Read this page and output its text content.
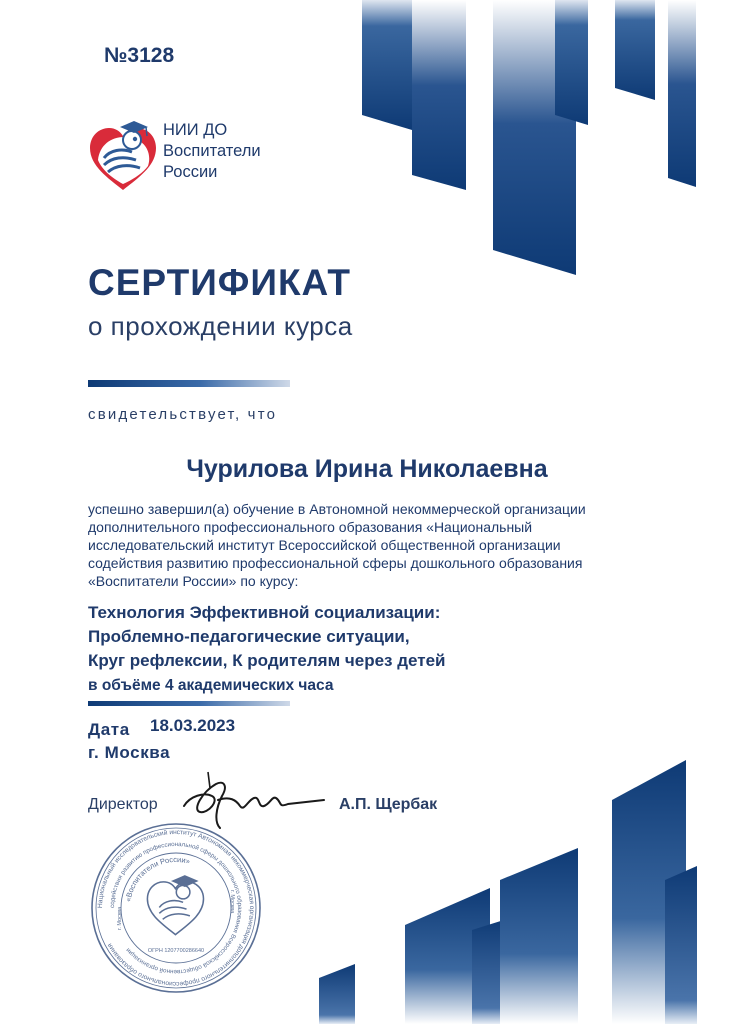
№3128
НИИ ДО
Воспитатели
России
СЕРТИФИКАТ
о прохождении курса
свидетельствует, что
Чурилова Ирина Николаевна
успешно завершил(а) обучение в Автономной некоммерческой организации
дополнительного профессионального образования «Национальный
исследовательский институт Всероссийской общественной организации
содействия развитию профессиональной сферы дошкольного образования
«Воспитатели России» по курсу:
Технология Эффективной социализации:
Проблемно-педагогические ситуации,
Круг рефлексии, К родителям через детей
в объёме 4 академических часа
Дата 18.03.2023
г. Москва
Директор	А.П. Щербак
Национальный исследовательский институт Автономная некоммерческая организация дополнительного профессионального образования
содействия развитию профессиональной сферы дошкольного образования Всероссийской общественной организации
«Воспитатели России»
г. Москва
г. Москва
ОГРН 1207700286640
